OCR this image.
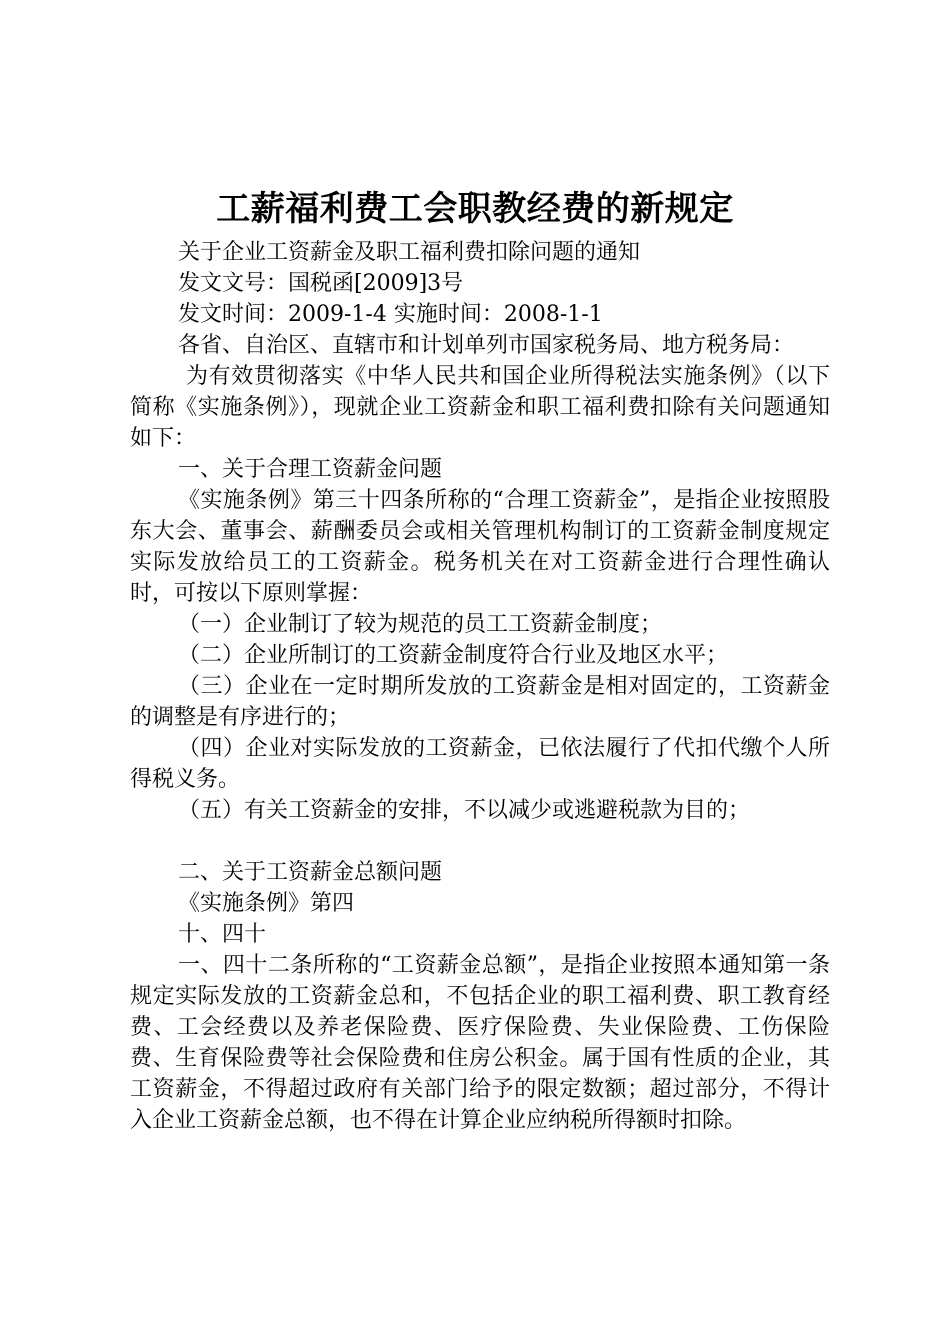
工薪福利费工会职教经费的新规定

关于企业工资薪金及职工福利费扣除问题的通知

发文文号：国税函[2009]3号

发文时间：2009-1-4 实施时间：2008-1-1

各省、自治区、直辖市和计划单列市国家税务局、地方税务局：

为有效贯彻落实《中华人民共和国企业所得税法实施条例》（以下简称《实施条例》），现就企业工资薪金和职工福利费扣除有关问题通知如下：

一、关于合理工资薪金问题

《实施条例》第三十四条所称的“合理工资薪金”，是指企业按照股东大会、董事会、薪酬委员会或相关管理机构制订的工资薪金制度规定实际发放给员工的工资薪金。税务机关在对工资薪金进行合理性确认时，可按以下原则掌握：

（一）企业制订了较为规范的员工工资薪金制度；

（二）企业所制订的工资薪金制度符合行业及地区水平；

（三）企业在一定时期所发放的工资薪金是相对固定的，工资薪金的调整是有序进行的；

（四）企业对实际发放的工资薪金，已依法履行了代扣代缴个人所得税义务。

（五）有关工资薪金的安排，不以减少或逃避税款为目的；

二、关于工资薪金总额问题

《实施条例》第四

十、四十

一、四十二条所称的“工资薪金总额”，是指企业按照本通知第一条规定实际发放的工资薪金总和，不包括企业的职工福利费、职工教育经费、工会经费以及养老保险费、医疗保险费、失业保险费、工伤保险费、生育保险费等社会保险费和住房公积金。属于国有性质的企业，其工资薪金，不得超过政府有关部门给予的限定数额；超过部分，不得计入企业工资薪金总额，也不得在计算企业应纳税所得额时扣除。
